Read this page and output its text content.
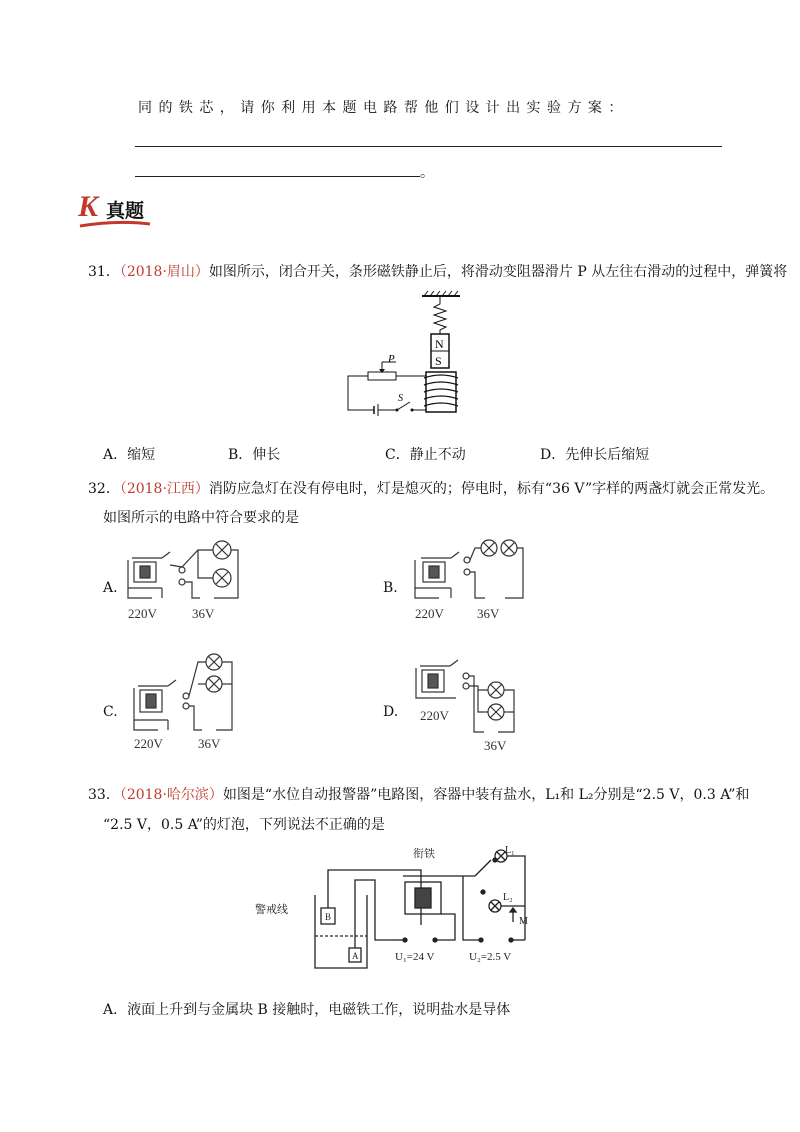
同 的 铁 芯 ， 请 你 利 用 本 题 电 路 帮 他 们 设 计 出 实 验 方 案 ：
。
K 真题
31．（2018·眉山）如图所示，闭合开关，条形磁铁静止后，将滑动变阻器滑片 P 从左往右滑动的过程中，弹簧将
N
S
P
S
A．缩短	B．伸长	C．静止不动	D．先伸长后缩短
32．（2018·江西）消防应急灯在没有停电时，灯是熄灭的；停电时，标有“36 V”字样的两盏灯就会正常发光。
如图所示的电路中符合要求的是
A.
220V	36V
B.
220V	36V
C.
220V	36V
D. 220V
36V
33．（2018·哈尔滨）如图是“水位自动报警器”电路图，容器中装有盐水，L₁和 L₂分别是“2.5 V，0.3 A”和
“2.5 V，0.5 A”的灯泡，下列说法不正确的是
衔铁
警戒线
L₁
L₂
M
B
A	U₁=24 V	U₂=2.5 V
A．液面上升到与金属块 B 接触时，电磁铁工作，说明盐水是导体
